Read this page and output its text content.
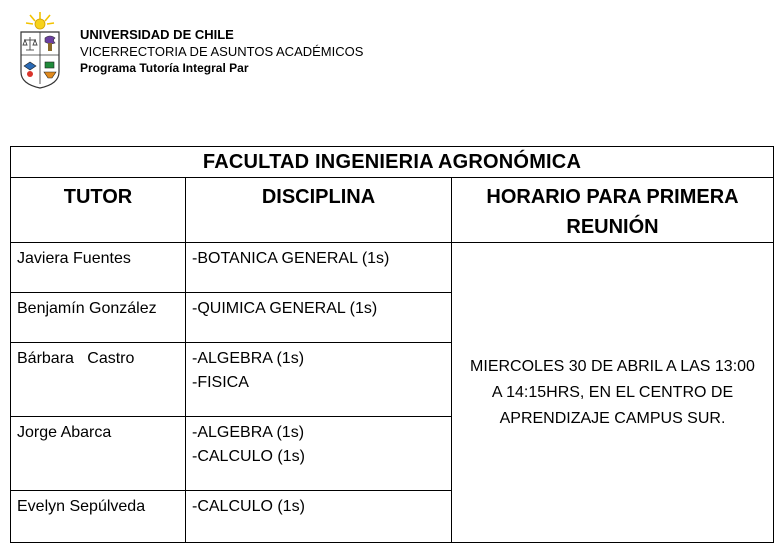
UNIVERSIDAD DE CHILE
VICERRECTORIA DE ASUNTOS ACADÉMICOS
Programa Tutoría Integral Par
FACULTAD INGENIERIA AGRONÓMICA		
TUTOR	DISCIPLINA	HORARIO PARA PRIMERA
REUNIÓN

Javiera Fuentes	-BOTANICA GENERAL (1s)	MIERCOLES 30 DE ABRIL A LAS 13:00
A 14:15HRS, EN EL CENTRO DE
APRENDIZAJE CAMPUS SUR.

Benjamín González	-QUIMICA GENERAL (1s)	

Bárbara   Castro	-ALGEBRA (1s)
-FISICA	

Jorge Abarca	-ALGEBRA (1s)
-CALCULO (1s)	

Evelyn Sepúlveda	-CALCULO (1s)	
